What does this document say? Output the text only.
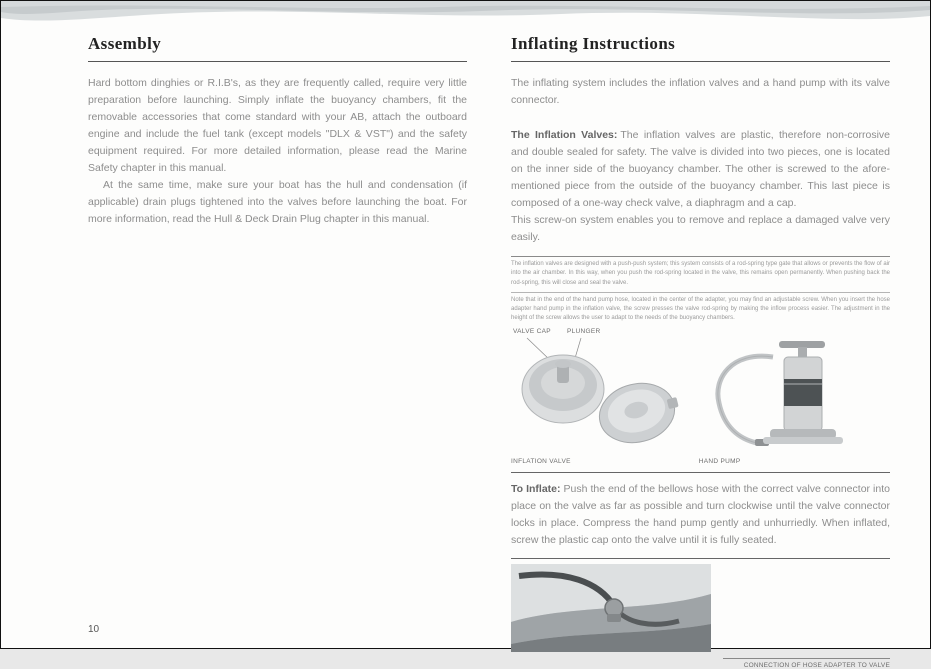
Assembly

Hard bottom dinghies or R.I.B's, as they are frequently called, require very little preparation before launching. Simply inflate the buoyancy chambers, fit the removable accessories that come standard with your AB, attach the outboard engine and include the fuel tank (except models "DLX & VST") and the safety equipment required. For more detailed information, please read the Marine Safety chapter in this manual.

At the same time, make sure your boat has the hull and condensation (if applicable) drain plugs tightened into the valves before launching the boat. For more information, read the Hull & Deck Drain Plug chapter in this manual.

Inflating Instructions

The inflating system includes the inflation valves and a hand pump with its valve connector.

The Inflation Valves: The inflation valves are plastic, therefore non-corrosive and double sealed for safety. The valve is divided into two pieces, one is located on the inner side of the buoyancy chamber. The other is screwed to the afore-mentioned piece from the outside of the buoyancy chamber. This last piece is composed of a one-way check valve, a diaphragm and a cap.

This screw-on system enables you to remove and replace a damaged valve very easily.

The inflation valves are designed with a push-push system; this system consists of a rod-spring type gate that allows or prevents the flow of air into the air chamber. In this way, when you push the rod-spring located in the valve, this remains open permanently. When pushing back the rod-spring, this will close and seal the valve.

Note that in the end of the hand pump hose, located in the center of the adapter, you may find an adjustable screw. When you insert the hose adapter hand pump in the inflation valve, the screw presses the valve rod-spring by making the inflow process easier. The adjustment in the height of the screw allows the user to adapt to the needs of the buoyancy chambers.

VALVE CAP PLUNGER
INFLATION VALVE	HAND PUMP

To Inflate: Push the end of the bellows hose with the correct valve connector into place on the valve as far as possible and turn clockwise until the valve connector locks in place. Compress the hand pump gently and unhurriedly. When inflated, screw the plastic cap onto the valve until it is fully seated.

CONNECTION OF HOSE ADAPTER TO VALVE
10
